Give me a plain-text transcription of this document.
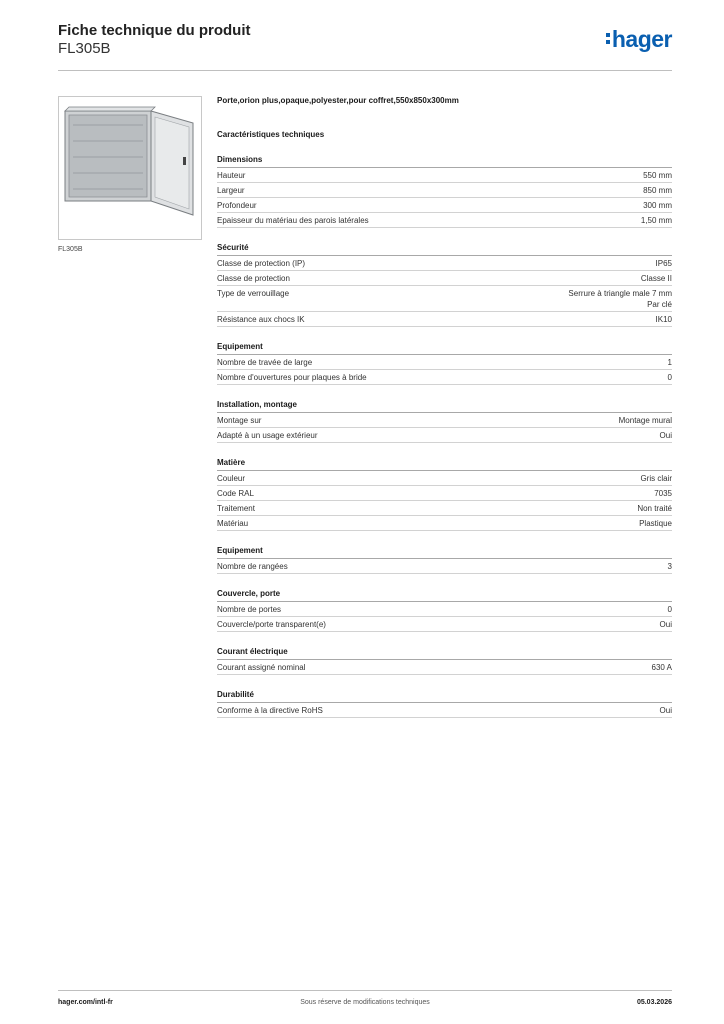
Fiche technique du produit
FL305B	hager
FL305B
Porte,orion plus,opaque,polyester,pour coffret,550x850x300mm
Caractéristiques techniques
Dimensions
Hauteur	550 mm
Largeur	850 mm
Profondeur	300 mm
Epaisseur du matériau des parois latérales	1,50 mm
Sécurité
Classe de protection (IP)	IP65
Classe de protection	Classe II
Type de verrouillage	Serrure à triangle male 7 mm
Par clé
Résistance aux chocs IK	IK10
Equipement
Nombre de travée de large	1
Nombre d'ouvertures pour plaques à bride	0
Installation, montage
Montage sur	Montage mural
Adapté à un usage extérieur	Oui
Matière
Couleur	Gris clair
Code RAL	7035
Traitement	Non traité
Matériau	Plastique
Equipement
Nombre de rangées	3
Couvercle, porte
Nombre de portes	0
Couvercle/porte transparent(e)	Oui
Courant électrique
Courant assigné nominal	630 A
Durabilité
Conforme à la directive RoHS	Oui
hager.com/intl-fr	Sous réserve de modifications techniques	05.03.2026
